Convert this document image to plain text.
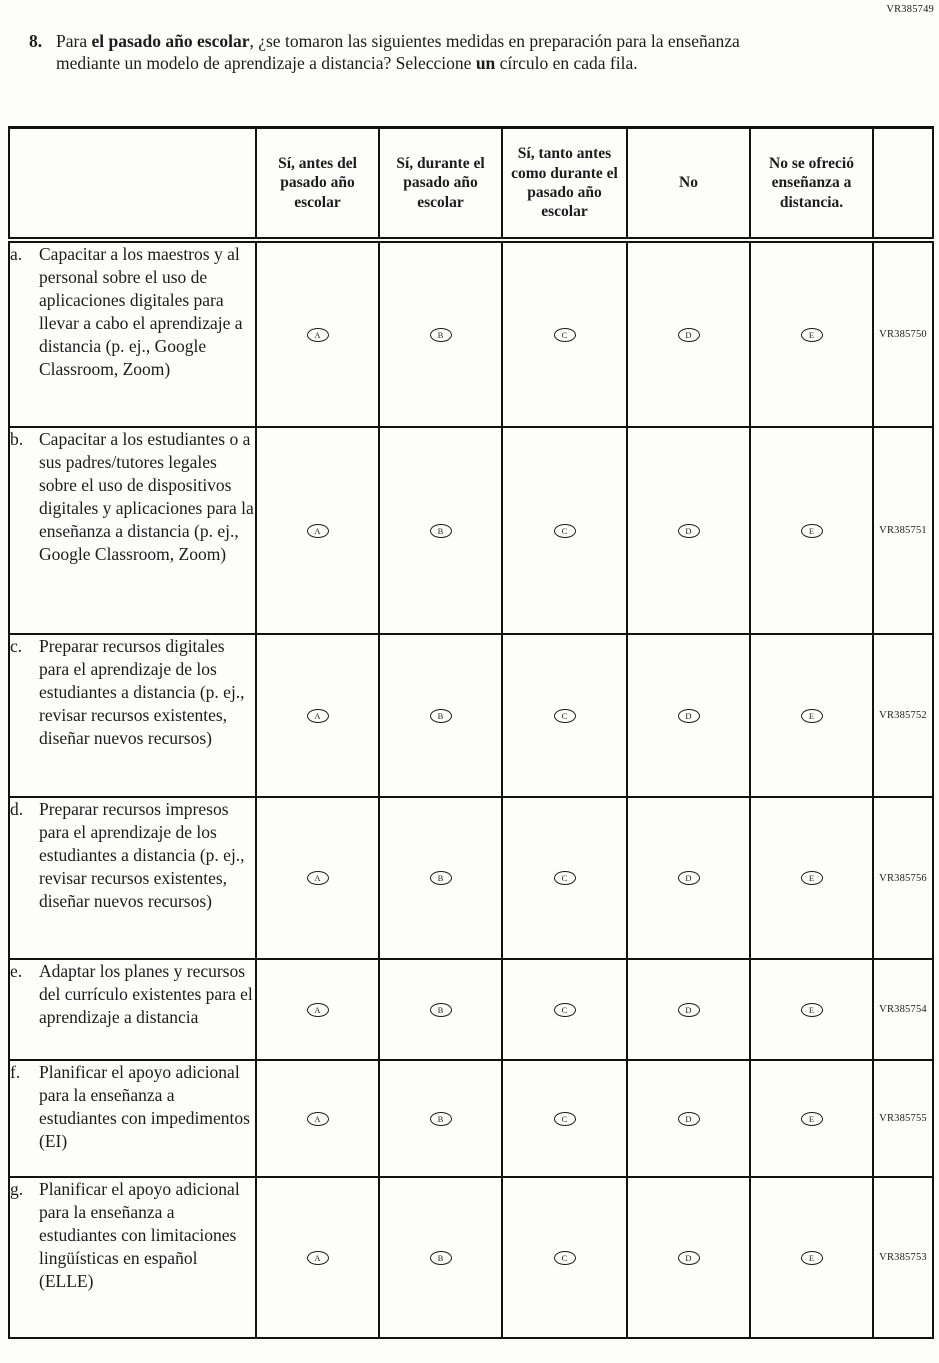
VR385749
8. Para el pasado año escolar, ¿se tomaron las siguientes medidas en preparación para la enseñanza mediante un modelo de aprendizaje a distancia? Seleccione un círculo en cada fila.
	Sí, antes del pasado año escolar	Sí, durante el pasado año escolar	Sí, tanto antes como durante el pasado año escolar	No	No se ofreció enseñanza a distancia.	

a. Capacitar a los maestros y al personal sobre el uso de aplicaciones digitales para llevar a cabo el aprendizaje a distancia (p. ej., Google Classroom, Zoom)	A	B	C	D	E	VR385750

b. Capacitar a los estudiantes o a sus padres/tutores legales sobre el uso de dispositivos digitales y aplicaciones para la enseñanza a distancia (p. ej., Google Classroom, Zoom)	A	B	C	D	E	VR385751

c. Preparar recursos digitales para el aprendizaje de los estudiantes a distancia (p. ej., revisar recursos existentes, diseñar nuevos recursos)	A	B	C	D	E	VR385752

d. Preparar recursos impresos para el aprendizaje de los estudiantes a distancia (p. ej., revisar recursos existentes, diseñar nuevos recursos)	A	B	C	D	E	VR385756

e. Adaptar los planes y recursos del currículo existentes para el aprendizaje a distancia	A	B	C	D	E	VR385754

f. Planificar el apoyo adicional para la enseñanza a estudiantes con impedimentos (EI)	A	B	C	D	E	VR385755

g. Planificar el apoyo adicional para la enseñanza a estudiantes con limitaciones lingüísticas en español (ELLE)	A	B	C	D	E	VR385753
